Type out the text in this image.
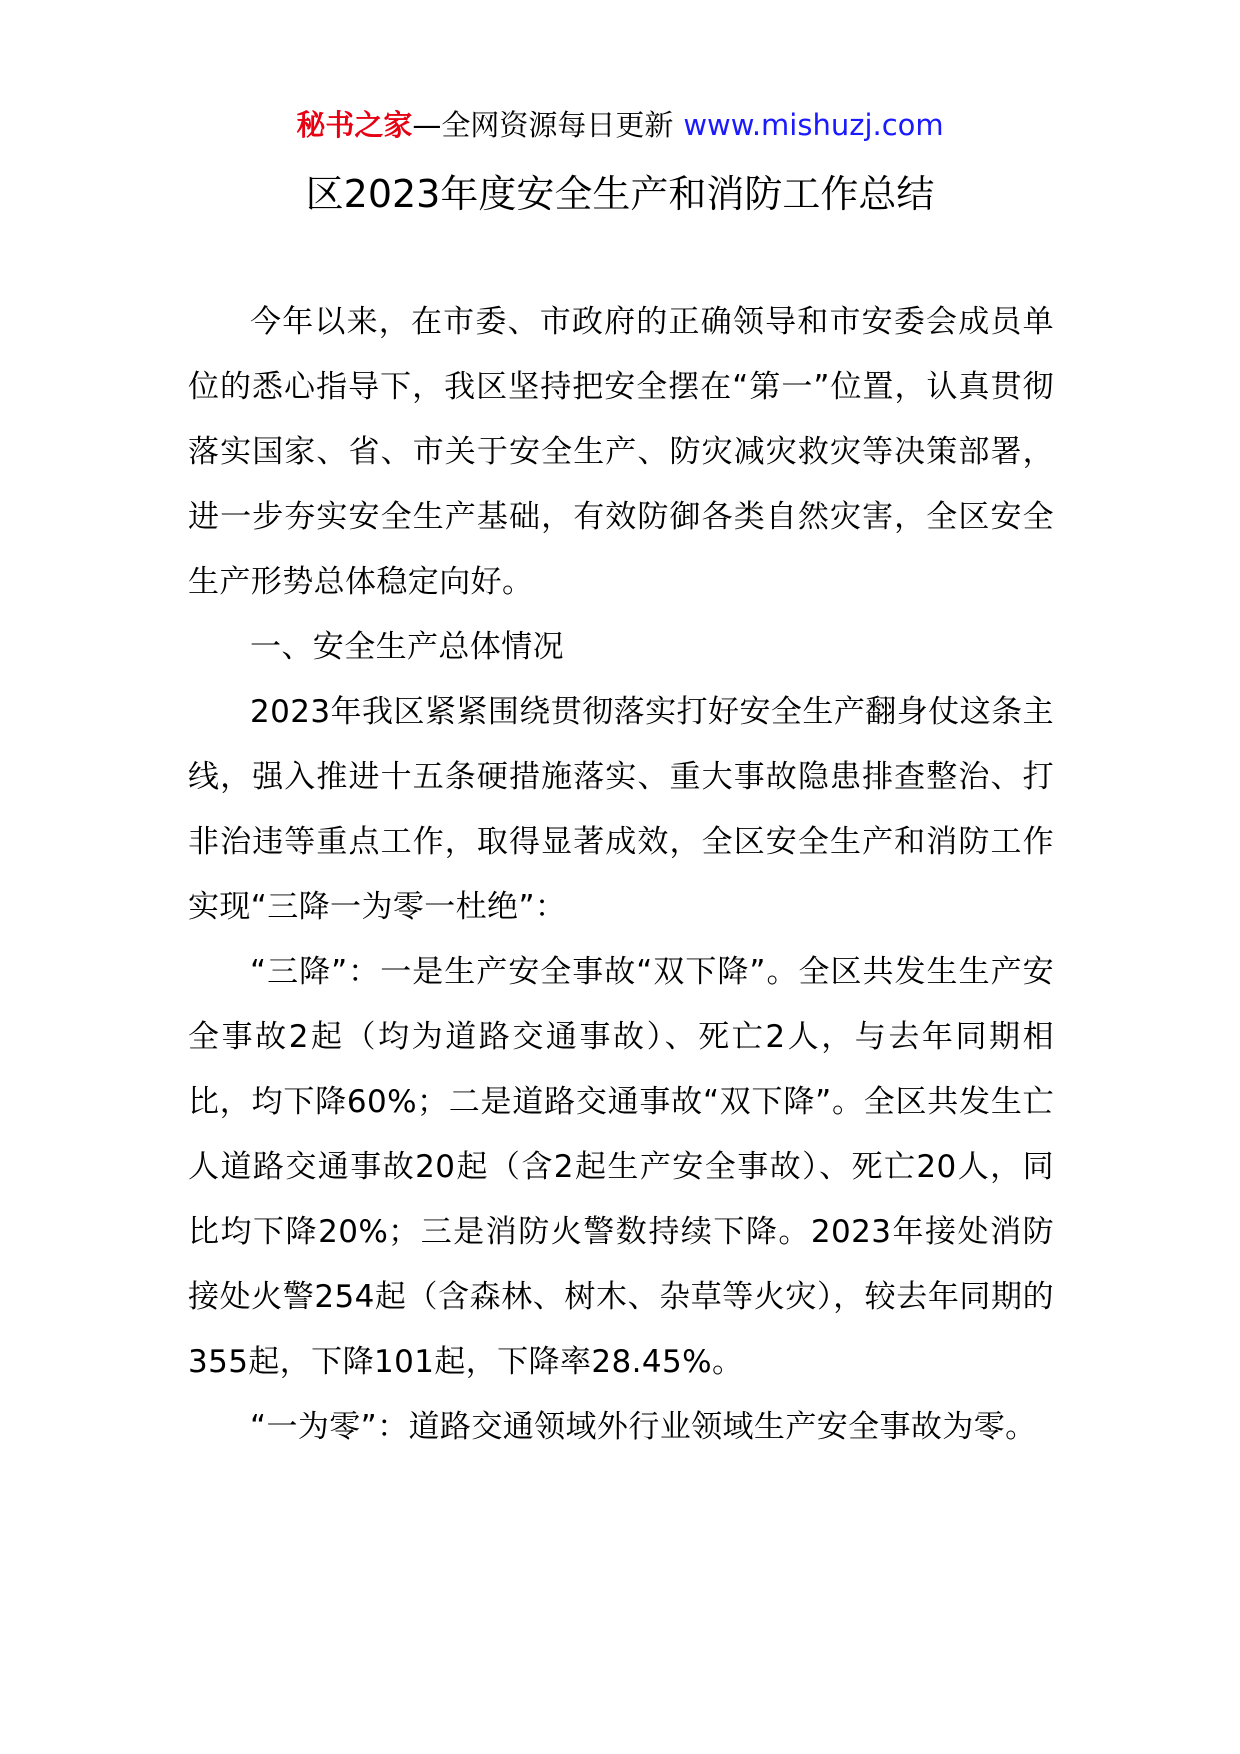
秘书之家—全网资源每日更新 www.mishuzj.com
区2023年度安全生产和消防工作总结

今年以来，在市委、市政府的正确领导和市安委会成员单位的悉心指导下，我区坚持把安全摆在“第一”位置，认真贯彻落实国家、省、市关于安全生产、防灾减灾救灾等决策部署，进一步夯实安全生产基础，有效防御各类自然灾害，全区安全生产形势总体稳定向好。

一、安全生产总体情况

2023年我区紧紧围绕贯彻落实打好安全生产翻身仗这条主线，强入推进十五条硬措施落实、重大事故隐患排查整治、打非治违等重点工作，取得显著成效，全区安全生产和消防工作实现“三降一为零一杜绝”：

“三降”：一是生产安全事故“双下降”。全区共发生生产安全事故2起（均为道路交通事故）、死亡2人，与去年同期相比，均下降60%；二是道路交通事故“双下降”。全区共发生亡人道路交通事故20起（含2起生产安全事故）、死亡20人，同比均下降20%；三是消防火警数持续下降。2023年接处消防接处火警254起（含森林、树木、杂草等火灾），较去年同期的355起，下降101起，下降率28.45%。

“一为零”：道路交通领域外行业领域生产安全事故为零。
